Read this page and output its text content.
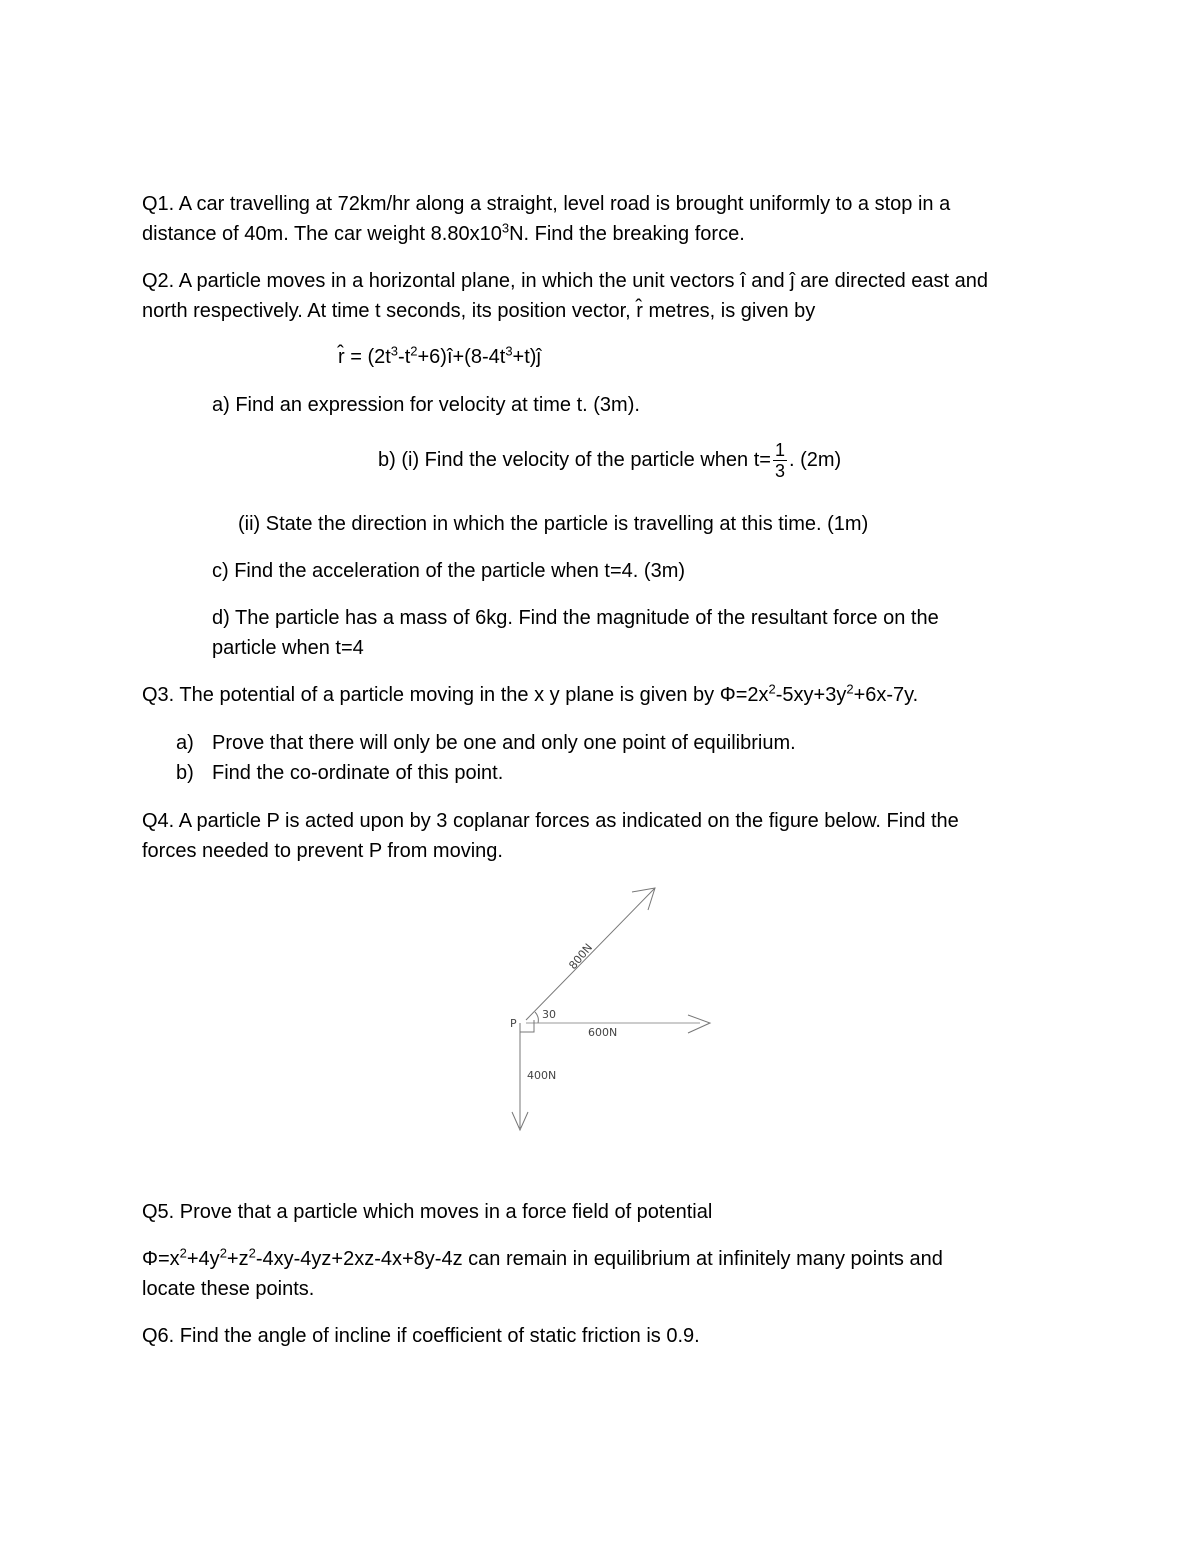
Q1. A car travelling at 72km/hr along a straight, level road is brought uniformly to a stop in a
distance of 40m. The car weight $8.80x10^3N$. Find the breaking force.
Q2. A particle moves in a horizontal plane, in which the unit vectors î and ĵ are directed east and
north respectively. At time t seconds, its position vector, r̂ metres, is given by
r̂ = $(2t^3-t^2+6)î+(8-4t^3+t)ĵ$
a) Find an expression for velocity at time t. (3m).
b) (i) Find the velocity of the particle when $t= \frac{1}{3}$ . (2m)
(ii) State the direction in which the particle is travelling at this time. (1m)
c) Find the acceleration of the particle when t=4. (3m)
d) The particle has a mass of 6kg. Find the magnitude of the resultant force on the
particle when t=4
Q3. The potential of a particle moving in the x y plane is given by $\Phi=2x^2-5xy+3y^2+6x-7y$.
a) Prove that there will only be one and only one point of equilibrium.
b) Find the co-ordinate of this point.
Q4. A particle P is acted upon by 3 coplanar forces as indicated on the figure below. Find the
forces needed to prevent P from moving.
P
30
800N
600N
400N
Q5. Prove that a particle which moves in a force field of potential
$\Phi=x^2+4y^2+z^2-4xy-4yz+2xz-4x+8y-4z$ can remain in equilibrium at infinitely many points and
locate these points.
Q6. Find the angle of incline if coefficient of static friction is 0.9.
